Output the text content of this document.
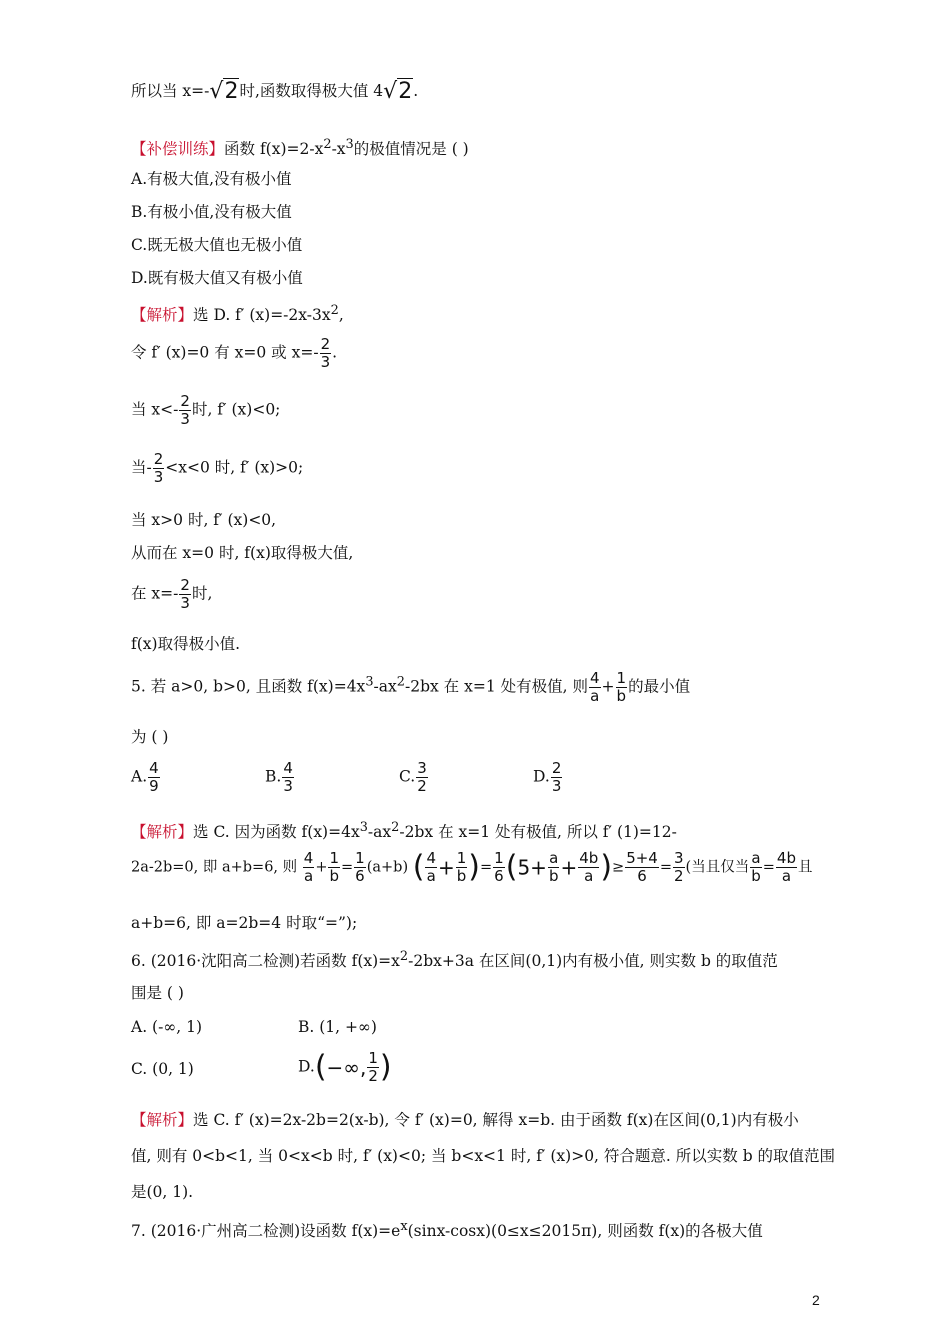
所以当 x=-√2时,函数取得极大值 4√2.
【补偿训练】函数 $f(x)=2-x^2-x^3$的极值情况是 ( )
A.有极大值,没有极小值
B.有极小值,没有极大值
C.既无极大值也无极小值
D.既有极大值又有极小值
【解析】选 D. f′ $(x)=-2x-3x^2$,
令 f′ (x)=0 有 x=0 或 $x=- \frac{2}{3}$ .
当 $x<- \frac{2}{3}$ 时, f′ (x)<0;
当- $\frac{2}{3} <x<0$ 时, f′ (x)>0;
当 x>0 时, f′ (x)<0,
从而在 x=0 时, f(x)取得极大值,
在 $x=- \frac{2}{3}$ 时,
f(x)取得极小值.
5. 若 a>0, b>0, 且函数 $f(x)=4x^3-ax^2-2bx$ 在 x=1 处有极值, 则 $\frac{4}{a} + \frac{1}{b}$ 的最小值
为 ( )
A. $\frac{4}{9}$	B. $\frac{4}{3}$	C. $\frac{3}{2}$	D. $\frac{2}{3}$
【解析】选 C. 因为函数 $f(x)=4x^3-ax^2-2bx$ 在 x=1 处有极值, 所以 f′ (1)=12-
2a-2b=0, 即 a+b=6, 则 $\frac{4}{a} + \frac{1}{b} = \frac{1}{6} (a+b)$ ( $\frac{4}{a} + \frac{1}{b}$ )= $\frac{1}{6} (5+ \frac{a}{b} + \frac{4b}{a}$ )≥ $\frac{5+4}{6} = \frac{3}{2}$ (当且仅当 $\frac{a}{b} = \frac{4b}{a}$ 且
a+b=6, 即 a=2b=4 时取“=”);
6. (2016·沈阳高二检测)若函数 $f(x)=x^2-2bx+3a$ 在区间(0,1)内有极小值, 则实数 b 的取值范
围是 ( )
A. (-∞, 1)	B. (1, +∞)
C. (0, 1)	D.(−∞, $\frac{1}{2}$ )
【解析】选 C. f′ (x)=2x-2b=2(x-b), 令 f′ (x)=0, 解得 x=b. 由于函数 f(x)在区间(0,1)内有极小
值, 则有 0<b<1, 当 0<x<b 时, f′ (x)<0; 当 b<x<1 时, f′ (x)>0, 符合题意. 所以实数 b 的取值范围
是(0, 1).
7. (2016·广州高二检测)设函数 $f(x)=e^x(\sin x-\cos x)(0\le x\le 2015\pi)$, 则函数 f(x)的各极大值
2
